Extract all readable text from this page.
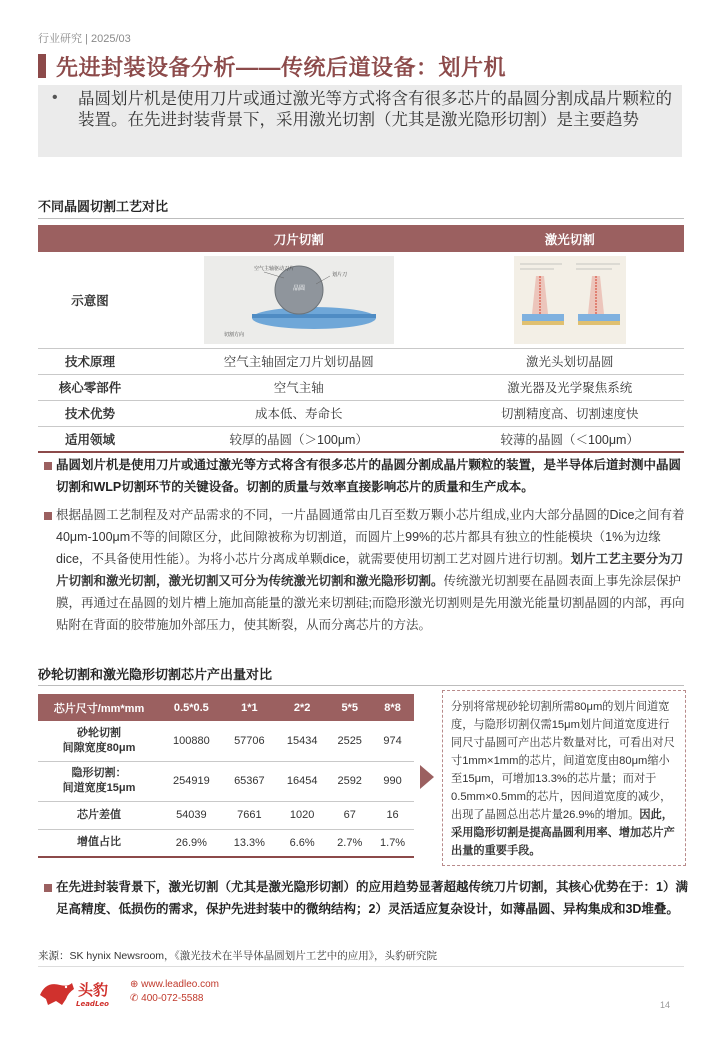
行业研究 | 2025/03
先进封装设备分析——传统后道设备：划片机
• 晶圆划片机是使用刀片或通过激光等方式将含有很多芯片的晶圆分割成晶片颗粒的装置。在先进封装背景下，采用激光切割（尤其是激光隐形切割）是主要趋势
不同晶圆切割工艺对比
	刀片切割	激光切割
示意图	晶圆
空气主轴驱动刀片
划片刀
切割方向

技术原理	空气主轴固定刀片划切晶圆	激光头划切晶圆
核心零部件	空气主轴	激光器及光学聚焦系统
技术优势	成本低、寿命长	切割精度高、切割速度快
适用领域	较厚的晶圆（＞100μm）	较薄的晶圆（＜100μm）
晶圆划片机是使用刀片或通过激光等方式将含有很多芯片的晶圆分割成晶片颗粒的装置，是半导体后道封测中晶圆切割和WLP切割环节的关键设备。切割的质量与效率直接影响芯片的质量和生产成本。
根据晶圆工艺制程及对产品需求的不同，一片晶圆通常由几百至数万颗小芯片组成,业内大部分晶圆的Dice之间有着40μm-100μm不等的间隙区分，此间隙被称为切割道，而圆片上99%的芯片都具有独立的性能模块（1%为边缘dice，不具备使用性能）。为将小芯片分离成单颗dice，就需要使用切割工艺对圆片进行切割。划片工艺主要分为刀片切割和激光切割，激光切割又可分为传统激光切割和激光隐形切割。传统激光切割要在晶圆表面上事先涂层保护膜，再通过在晶圆的划片槽上施加高能量的激光来切割硅;而隐形激光切割则是先用激光能量切割晶圆的内部，再向贴附在背面的胶带施加外部压力，使其断裂，从而分离芯片的方法。
砂轮切割和激光隐形切割芯片产出量对比
芯片尺寸/mm*mm	0.5*0.5	1*1	2*2	5*5	8*8
砂轮切割
间隙宽度80μm	100880	57706	15434	2525	974
隐形切割：
间道宽度15μm	254919	65367	16454	2592	990
芯片差值	54039	7661	1020	67	16
增值占比	26.9%	13.3%	6.6%	2.7%	1.7%
分别将常规砂轮切割所需80μm的划片间道宽度，与隐形切割仅需15μm划片间道宽度进行同尺寸晶圆可产出芯片数量对比，可看出对尺寸1mm×1mm的芯片，间道宽度由80μm缩小至15μm，可增加13.3%的芯片量；而对于0.5mm×0.5mm的芯片，因间道宽度的减少，出现了晶圆总出芯片量26.9%的增加。因此，采用隐形切割是提高晶圆利用率、增加芯片产出量的重要手段。
在先进封装背景下，激光切割（尤其是激光隐形切割）的应用趋势显著超越传统刀片切割，其核心优势在于：1）满足高精度、低损伤的需求，保护先进封装中的微纳结构；2）灵活适应复杂设计，如薄晶圆、异构集成和3D堆叠。
来源：SK hynix Newsroom，《激光技术在半导体晶圆划片工艺中的应用》，头豹研究院
头豹
LeadLeo
⊕ www.leadleo.com
✆ 400-072-5588
14
